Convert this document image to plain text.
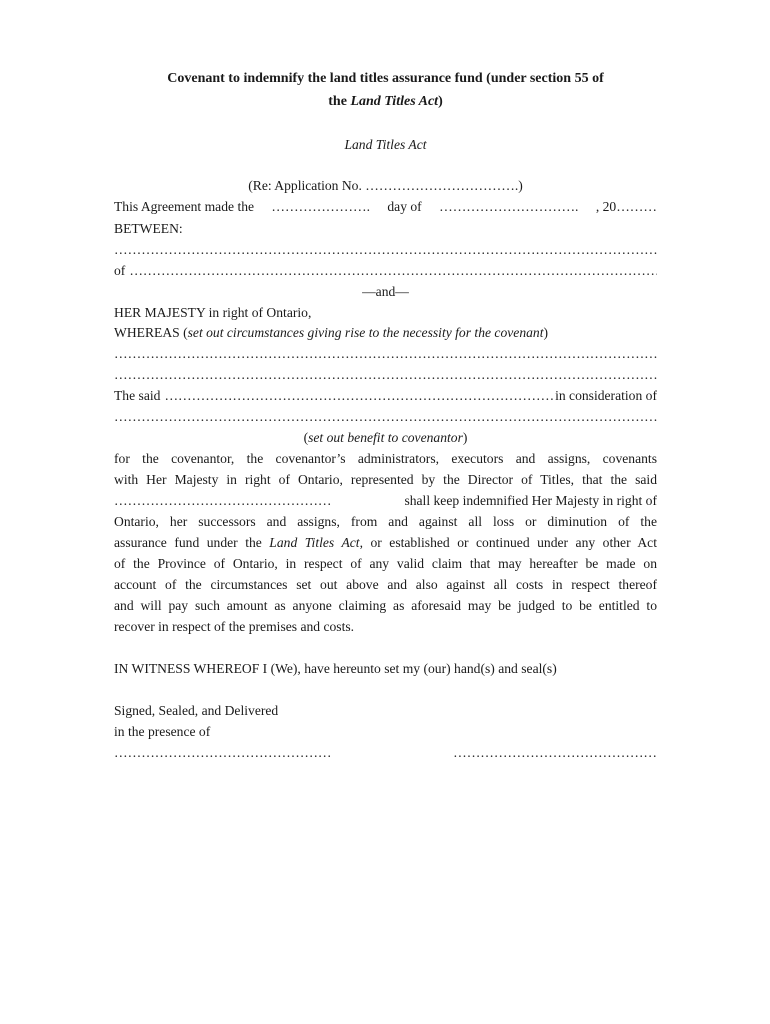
Covenant to indemnify the land titles assurance fund (under section 55 of
the Land Titles Act)
Land Titles Act
(Re: Application No. …………………………….)
This Agreement made the …………………. day of …………………………. , 20………
BETWEEN:
…………………………………………………………………………………………………………………………………………………………………………………………………………………………………
of
…………………………………………………………………………………………………………………………………………………………………………………………………………………………
—and—
HER MAJESTY in right of Ontario,
WHEREAS (set out circumstances giving rise to the necessity for the covenant)
…………………………………………………………………………………………………………………………………………………………………………………………………………………………………
…………………………………………………………………………………………………………………………………………………………………………………………………………………………………
The said …………………………………………………………………………………………………………………………………………………………………………………………………………………………	in consideration of
…………………………………………………………………………………………………………………………………………………………………………………………………………………………………
(set out benefit to covenantor)
for the covenantor, the covenantor’s administrators, executors and assigns, covenants
with Her Majesty in right of Ontario, represented by the Director of Titles, that the said
…………………………………………	shall keep indemnified Her Majesty in right of
Ontario, her successors and assigns, from and against all loss or diminution of the
assurance fund under the Land Titles Act, or established or continued under any other Act
of the Province of Ontario, in respect of any valid claim that may hereafter be made on
account of the circumstances set out above and also against all costs in respect thereof
and will pay such amount as anyone claiming as aforesaid may be judged to be entitled to
recover in respect of the premises and costs.
IN WITNESS WHEREOF I (We), have hereunto set my (our) hand(s) and seal(s)
Signed, Sealed, and Delivered
in the presence of
…………………………………………	………………………………………
